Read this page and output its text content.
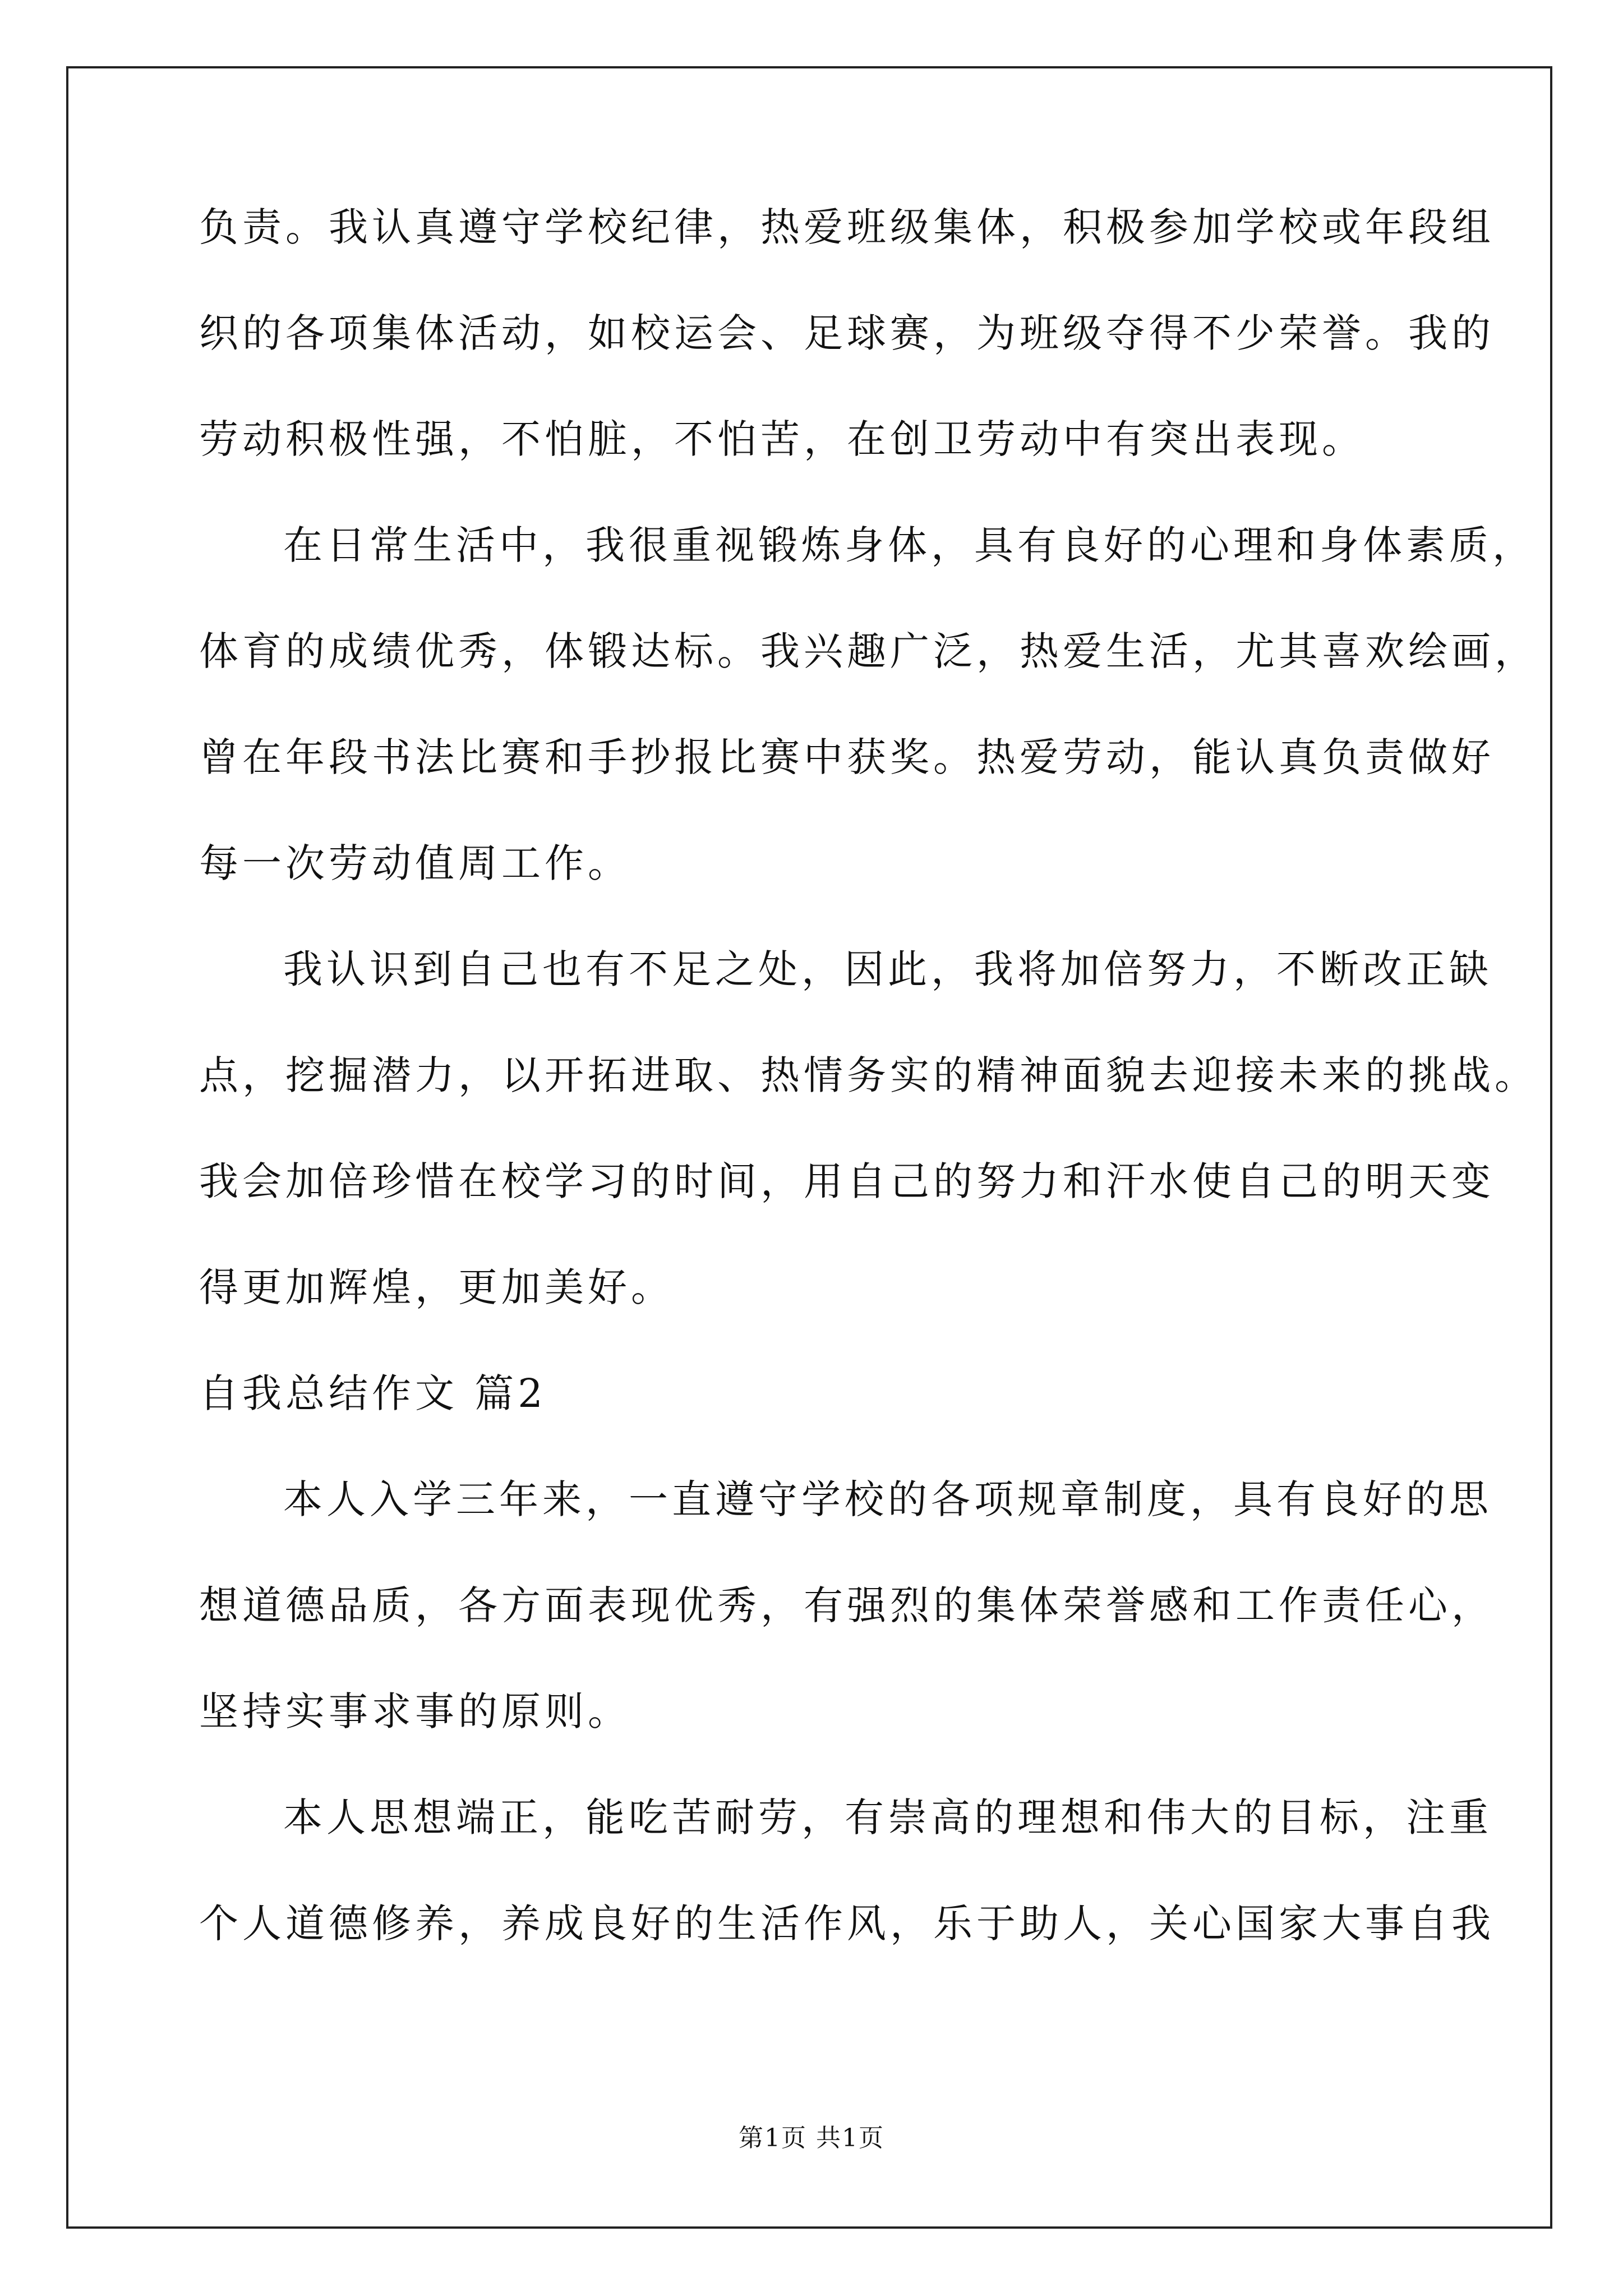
负责。我认真遵守学校纪律，热爱班级集体，积极参加学校或年段组
织的各项集体活动，如校运会、足球赛，为班级夺得不少荣誉。我的
劳动积极性强，不怕脏，不怕苦，在创卫劳动中有突出表现。
在日常生活中，我很重视锻炼身体，具有良好的心理和身体素质，
体育的成绩优秀，体锻达标。我兴趣广泛，热爱生活，尤其喜欢绘画，
曾在年段书法比赛和手抄报比赛中获奖。热爱劳动，能认真负责做好
每一次劳动值周工作。
我认识到自己也有不足之处，因此，我将加倍努力，不断改正缺
点，挖掘潜力，以开拓进取、热情务实的精神面貌去迎接未来的挑战。
我会加倍珍惜在校学习的时间，用自己的努力和汗水使自己的明天变
得更加辉煌，更加美好。
自我总结作文 篇2
本人入学三年来，一直遵守学校的各项规章制度，具有良好的思
想道德品质，各方面表现优秀，有强烈的集体荣誉感和工作责任心，
坚持实事求事的原则。
本人思想端正，能吃苦耐劳，有崇高的理想和伟大的目标，注重
个人道德修养，养成良好的生活作风，乐于助人，关心国家大事自我
第1页 共1页
